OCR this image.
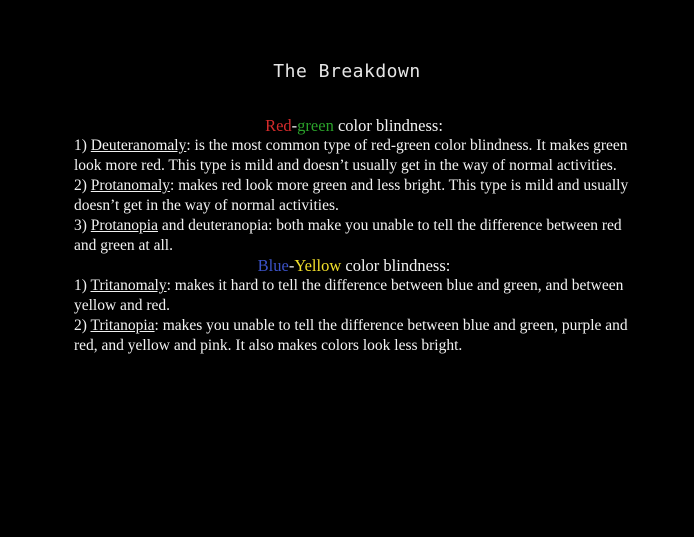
The Breakdown

Red-green color blindness:

1) Deuteranomaly: is the most common type of red-green color blindness. It makes green look more red. This type is mild and doesn’t usually get in the way of normal activities.

2) Protanomaly: makes red look more green and less bright. This type is mild and usually doesn’t get in the way of normal activities.

3) Protanopia and deuteranopia: both make you unable to tell the difference between red and green at all.

Blue-Yellow color blindness:

1) Tritanomaly: makes it hard to tell the difference between blue and green, and between yellow and red.

2) Tritanopia: makes you unable to tell the difference between blue and green, purple and red, and yellow and pink. It also makes colors look less bright.
